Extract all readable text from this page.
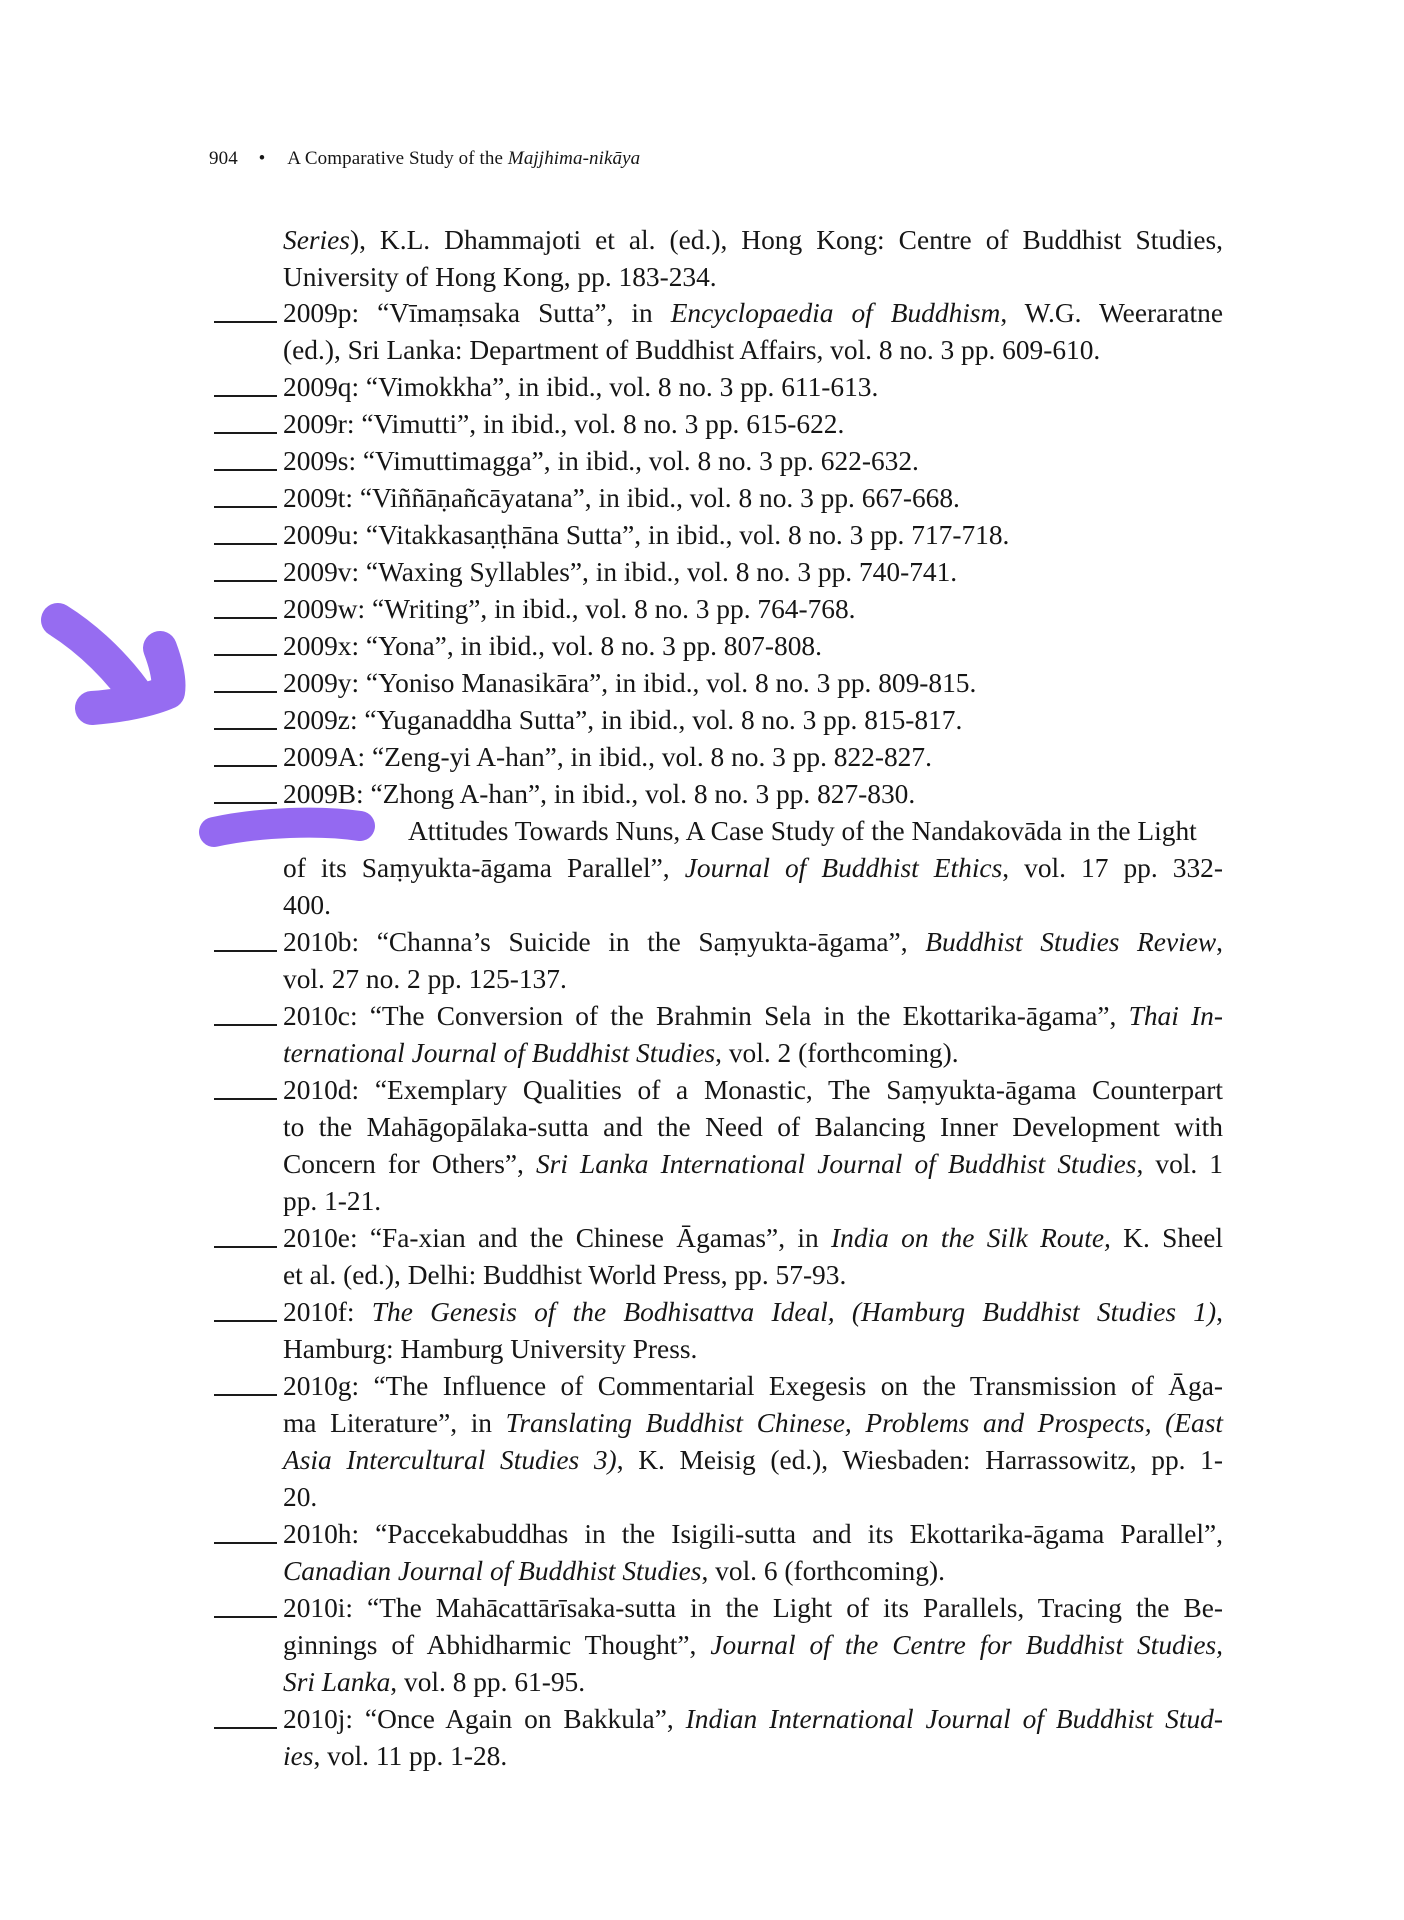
904 • A Comparative Study of the Majjhima-nikāya
Series), K.L. Dhammajoti et al. (ed.), Hong Kong: Centre of Buddhist Studies,
University of Hong Kong, pp. 183-234.
2009p: “Vīmaṃsaka Sutta”, in Encyclopaedia of Buddhism, W.G. Weeraratne
(ed.), Sri Lanka: Department of Buddhist Affairs, vol. 8 no. 3 pp. 609-610.
2009q: “Vimokkha”, in ibid., vol. 8 no. 3 pp. 611-613.
2009r: “Vimutti”, in ibid., vol. 8 no. 3 pp. 615-622.
2009s: “Vimuttimagga”, in ibid., vol. 8 no. 3 pp. 622-632.
2009t: “Viññāṇañcāyatana”, in ibid., vol. 8 no. 3 pp. 667-668.
2009u: “Vitakkasaṇṭhāna Sutta”, in ibid., vol. 8 no. 3 pp. 717-718.
2009v: “Waxing Syllables”, in ibid., vol. 8 no. 3 pp. 740-741.
2009w: “Writing”, in ibid., vol. 8 no. 3 pp. 764-768.
2009x: “Yona”, in ibid., vol. 8 no. 3 pp. 807-808.
2009y: “Yoniso Manasikāra”, in ibid., vol. 8 no. 3 pp. 809-815.
2009z: “Yuganaddha Sutta”, in ibid., vol. 8 no. 3 pp. 815-817.
2009A: “Zeng-yi A-han”, in ibid., vol. 8 no. 3 pp. 822-827.
2009B: “Zhong A-han”, in ibid., vol. 8 no. 3 pp. 827-830.
Attitudes Towards Nuns, A Case Study of the Nandakovāda in the Light
of its Saṃyukta-āgama Parallel”, Journal of Buddhist Ethics, vol. 17 pp. 332-
400.
2010b: “Channa’s Suicide in the Saṃyukta-āgama”, Buddhist Studies Review,
vol. 27 no. 2 pp. 125-137.
2010c: “The Conversion of the Brahmin Sela in the Ekottarika-āgama”, Thai In-
ternational Journal of Buddhist Studies, vol. 2 (forthcoming).
2010d: “Exemplary Qualities of a Monastic, The Saṃyukta-āgama Counterpart
to the Mahāgopālaka-sutta and the Need of Balancing Inner Development with
Concern for Others”, Sri Lanka International Journal of Buddhist Studies, vol. 1
pp. 1-21.
2010e: “Fa-xian and the Chinese Āgamas”, in India on the Silk Route, K. Sheel
et al. (ed.), Delhi: Buddhist World Press, pp. 57-93.
2010f: The Genesis of the Bodhisattva Ideal, (Hamburg Buddhist Studies 1),
Hamburg: Hamburg University Press.
2010g: “The Influence of Commentarial Exegesis on the Transmission of Āga-
ma Literature”, in Translating Buddhist Chinese, Problems and Prospects, (East
Asia Intercultural Studies 3), K. Meisig (ed.), Wiesbaden: Harrassowitz, pp. 1-
20.
2010h: “Paccekabuddhas in the Isigili-sutta and its Ekottarika-āgama Parallel”,
Canadian Journal of Buddhist Studies, vol. 6 (forthcoming).
2010i: “The Mahācattārīsaka-sutta in the Light of its Parallels, Tracing the Be-
ginnings of Abhidharmic Thought”, Journal of the Centre for Buddhist Studies,
Sri Lanka, vol. 8 pp. 61-95.
2010j: “Once Again on Bakkula”, Indian International Journal of Buddhist Stud-
ies, vol. 11 pp. 1-28.
